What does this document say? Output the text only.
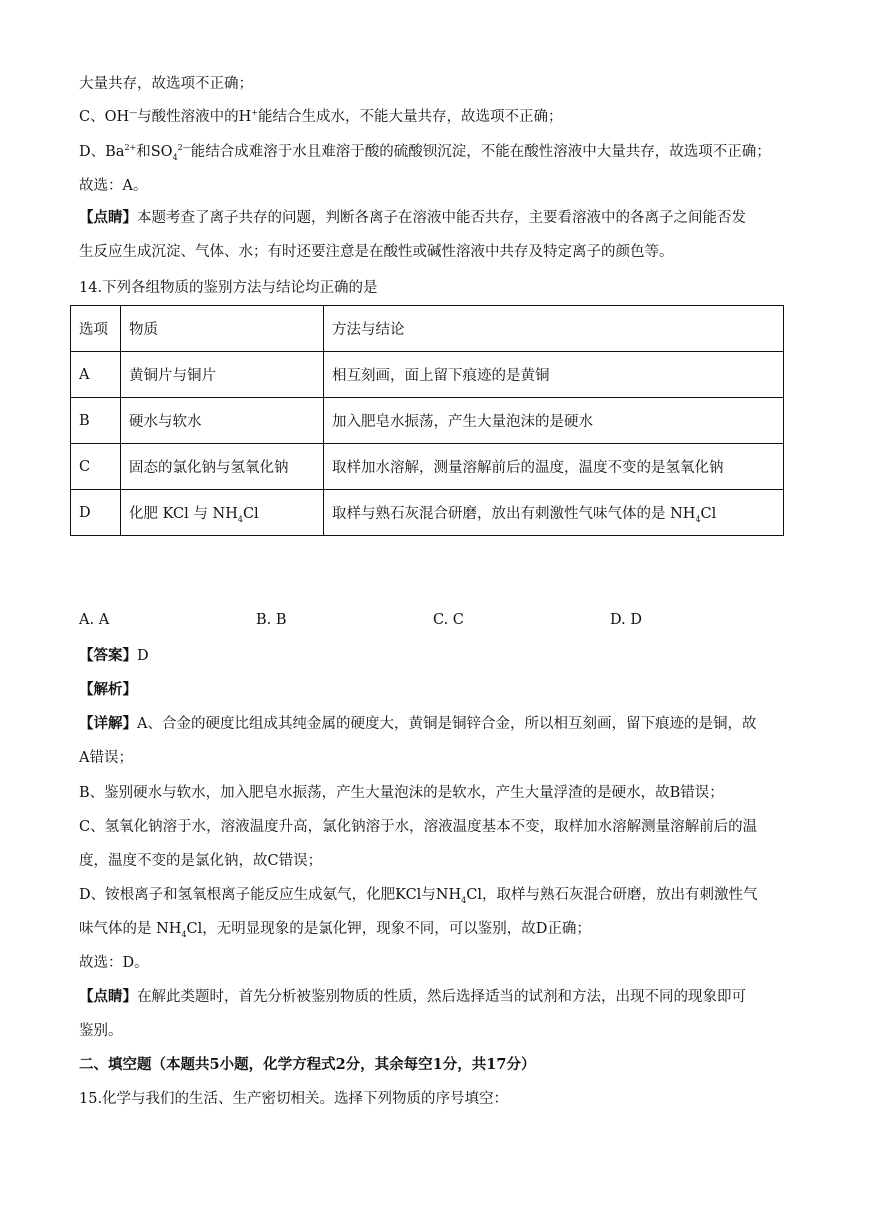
大量共存，故选项不正确；
C、OH—与酸性溶液中的H+能结合生成水，不能大量共存，故选项不正确；
D、$Ba^{2+}$和$SO_4^{2—}$能结合成难溶于水且难溶于酸的硫酸钡沉淀，不能在酸性溶液中大量共存，故选项不正确；
故选：A。
【点睛】本题考查了离子共存的问题，判断各离子在溶液中能否共存，主要看溶液中的各离子之间能否发
生反应生成沉淀、气体、水；有时还要注意是在酸性或碱性溶液中共存及特定离子的颜色等。
14.下列各组物质的鉴别方法与结论均正确的是
选项	物质	方法与结论
A	黄铜片与铜片	相互刻画，面上留下痕迹的是黄铜
B	硬水与软水	加入肥皂水振荡，产生大量泡沫的是硬水
C	固态的氯化钠与氢氧化钠	取样加水溶解，测量溶解前后的温度，温度不变的是氢氧化钠
D	化肥 KCl 与 $NH_4Cl$	取样与熟石灰混合研磨，放出有刺激性气味气体的是 $NH_4Cl$
A. A	B. B	C. C	D. D
【答案】D
【解析】
【详解】A、合金的硬度比组成其纯金属的硬度大，黄铜是铜锌合金，所以相互刻画，留下痕迹的是铜，故
A错误；
B、鉴别硬水与软水，加入肥皂水振荡，产生大量泡沫的是软水，产生大量浮渣的是硬水，故B错误；
C、氢氧化钠溶于水，溶液温度升高，氯化钠溶于水，溶液温度基本不变，取样加水溶解测量溶解前后的温
度，温度不变的是氯化钠，故C错误；
D、铵根离子和氢氧根离子能反应生成氨气，化肥KCl与$NH_4Cl$，取样与熟石灰混合研磨，放出有刺激性气
味气体的是 $NH_4Cl$，无明显现象的是氯化钾，现象不同，可以鉴别，故D正确；
故选：D。
【点睛】在解此类题时，首先分析被鉴别物质的性质，然后选择适当的试剂和方法，出现不同的现象即可
鉴别。
二、填空题（本题共5小题，化学方程式2分，其余每空1分，共17分）
15.化学与我们的生活、生产密切相关。选择下列物质的序号填空：
